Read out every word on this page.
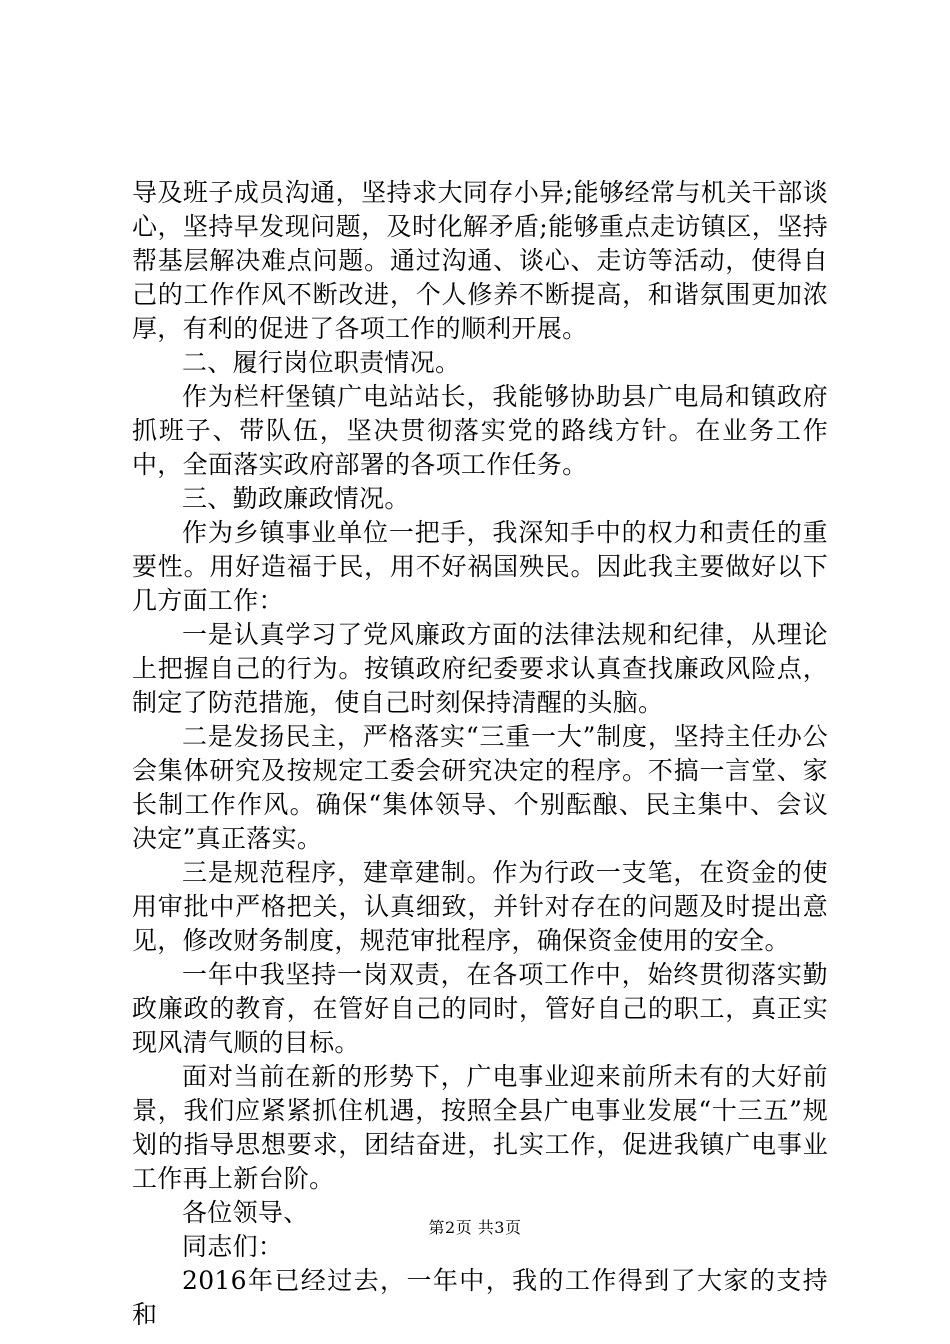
导及班子成员沟通，坚持求大同存小异;能够经常与机关干部谈心，坚持早发现问题，及时化解矛盾;能够重点走访镇区，坚持帮基层解决难点问题。通过沟通、谈心、走访等活动，使得自己的工作作风不断改进，个人修养不断提高，和谐氛围更加浓厚，有利的促进了各项工作的顺利开展。

二、履行岗位职责情况。

作为栏杆堡镇广电站站长，我能够协助县广电局和镇政府抓班子、带队伍，坚决贯彻落实党的路线方针。在业务工作中，全面落实政府部署的各项工作任务。

三、勤政廉政情况。

作为乡镇事业单位一把手，我深知手中的权力和责任的重要性。用好造福于民，用不好祸国殃民。因此我主要做好以下几方面工作：

一是认真学习了党风廉政方面的法律法规和纪律，从理论上把握自己的行为。按镇政府纪委要求认真查找廉政风险点，制定了防范措施，使自己时刻保持清醒的头脑。

二是发扬民主，严格落实“三重一大”制度，坚持主任办公会集体研究及按规定工委会研究决定的程序。不搞一言堂、家长制工作作风。确保“集体领导、个别酝酿、民主集中、会议决定”真正落实。

三是规范程序，建章建制。作为行政一支笔，在资金的使用审批中严格把关，认真细致，并针对存在的问题及时提出意见，修改财务制度，规范审批程序，确保资金使用的安全。

一年中我坚持一岗双责，在各项工作中，始终贯彻落实勤政廉政的教育，在管好自己的同时，管好自己的职工，真正实现风清气顺的目标。

面对当前在新的形势下，广电事业迎来前所未有的大好前景，我们应紧紧抓住机遇，按照全县广电事业发展“十三五”规划的指导思想要求，团结奋进，扎实工作，促进我镇广电事业工作再上新台阶。

各位领导、

同志们：

2016年已经过去，一年中，我的工作得到了大家的支持和

第2页 共3页
